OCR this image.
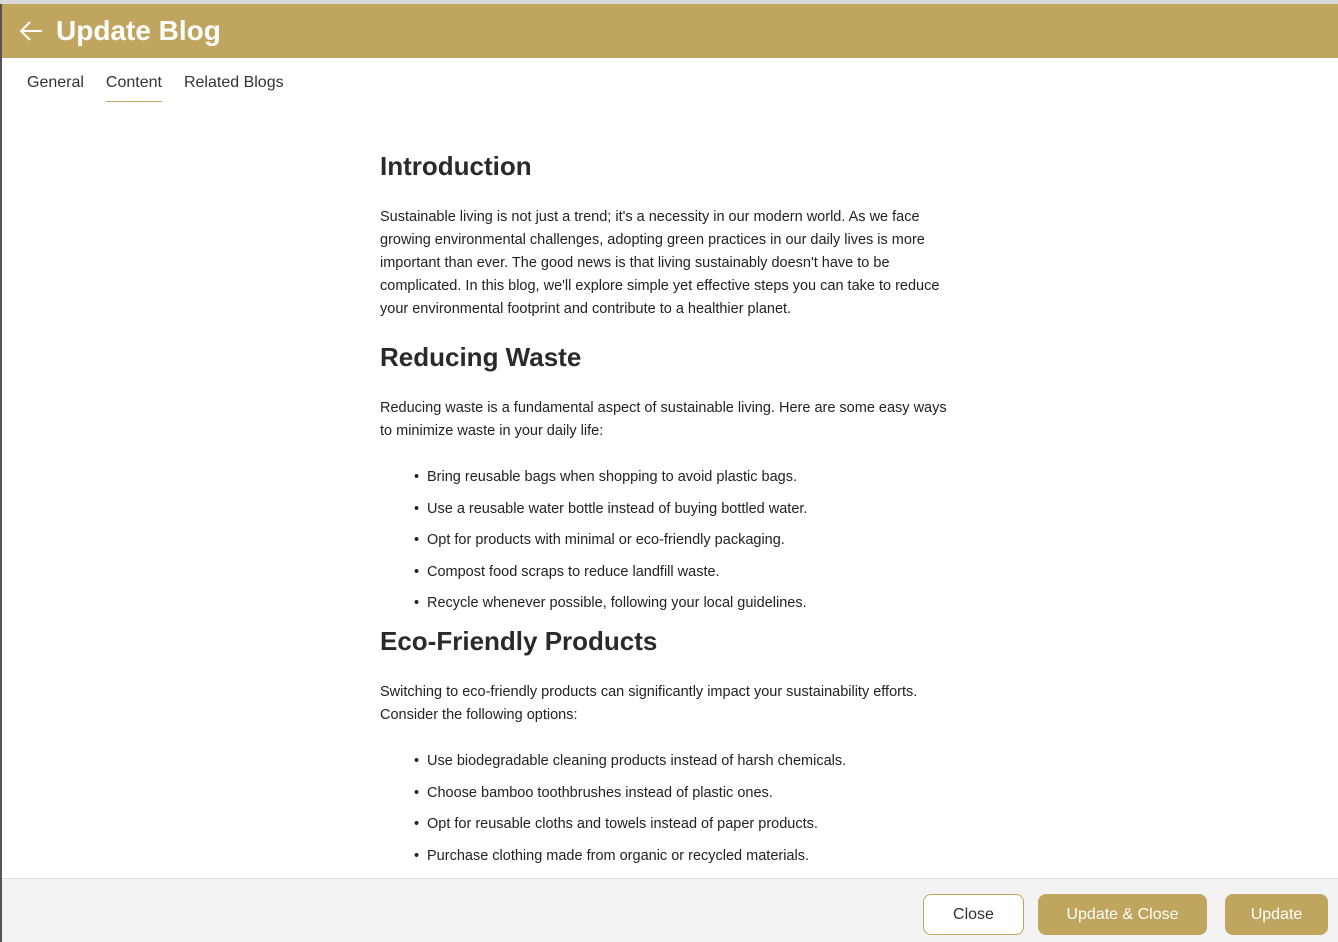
Update Blog
General Content Related Blogs
Introduction

Sustainable living is not just a trend; it's a necessity in our modern world. As we face growing environmental challenges, adopting green practices in our daily lives is more important than ever. The good news is that living sustainably doesn't have to be complicated. In this blog, we'll explore simple yet effective steps you can take to reduce your environmental footprint and contribute to a healthier planet.

Reducing Waste

Reducing waste is a fundamental aspect of sustainable living. Here are some easy ways to minimize waste in your daily life:

• Bring reusable bags when shopping to avoid plastic bags.
• Use a reusable water bottle instead of buying bottled water.
• Opt for products with minimal or eco-friendly packaging.
• Compost food scraps to reduce landfill waste.
• Recycle whenever possible, following your local guidelines.
Eco-Friendly Products

Switching to eco-friendly products can significantly impact your sustainability efforts. Consider the following options:

• Use biodegradable cleaning products instead of harsh chemicals.
• Choose bamboo toothbrushes instead of plastic ones.
• Opt for reusable cloths and towels instead of paper products.
• Purchase clothing made from organic or recycled materials.
Close	Update & Close	Update
